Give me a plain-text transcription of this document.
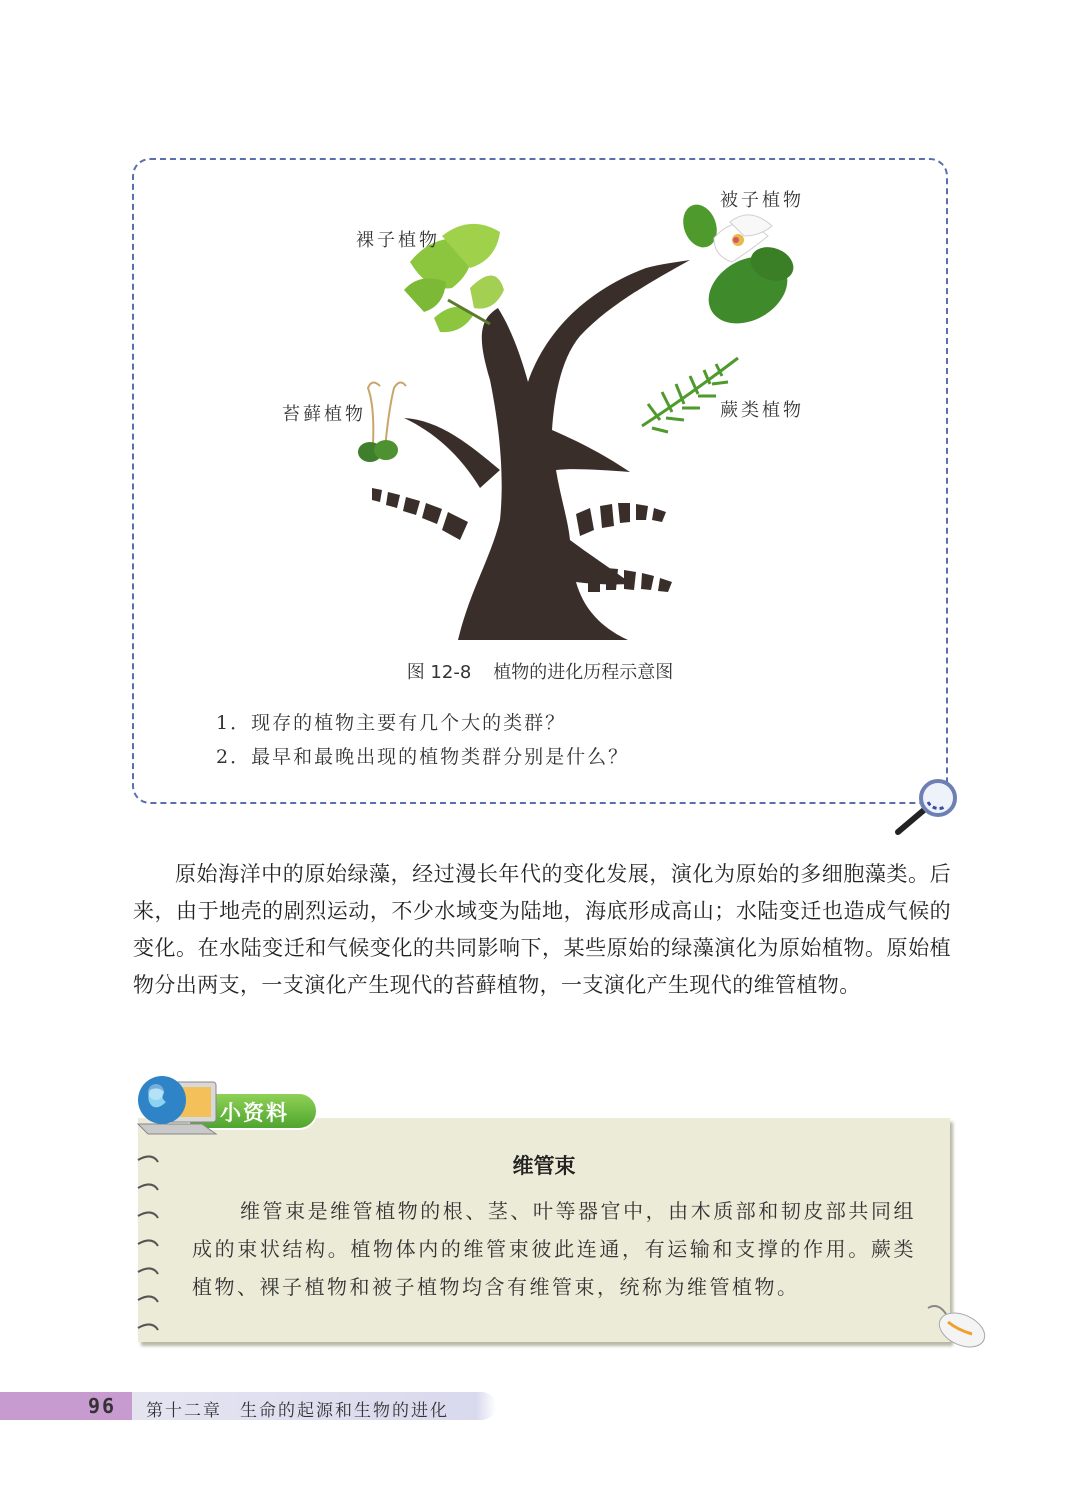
被子植物
裸子植物
苔藓植物	蕨类植物
图 12-8 植物的进化历程示意图
1．现存的植物主要有几个大的类群？
2．最早和最晚出现的植物类群分别是什么？

原始海洋中的原始绿藻，经过漫长年代的变化发展，演化为原始的多细胞藻类。后来，由于地壳的剧烈运动，不少水域变为陆地，海底形成高山；水陆变迁也造成气候的变化。在水陆变迁和气候变化的共同影响下，某些原始的绿藻演化为原始植物。原始植物分出两支，一支演化产生现代的苔藓植物，一支演化产生现代的维管植物。

小资料
维管束

维管束是维管植物的根、茎、叶等器官中，由木质部和韧皮部共同组成的束状结构。植物体内的维管束彼此连通，有运输和支撑的作用。蕨类植物、裸子植物和被子植物均含有维管束，统称为维管植物。

96 第十二章 生命的起源和生物的进化
